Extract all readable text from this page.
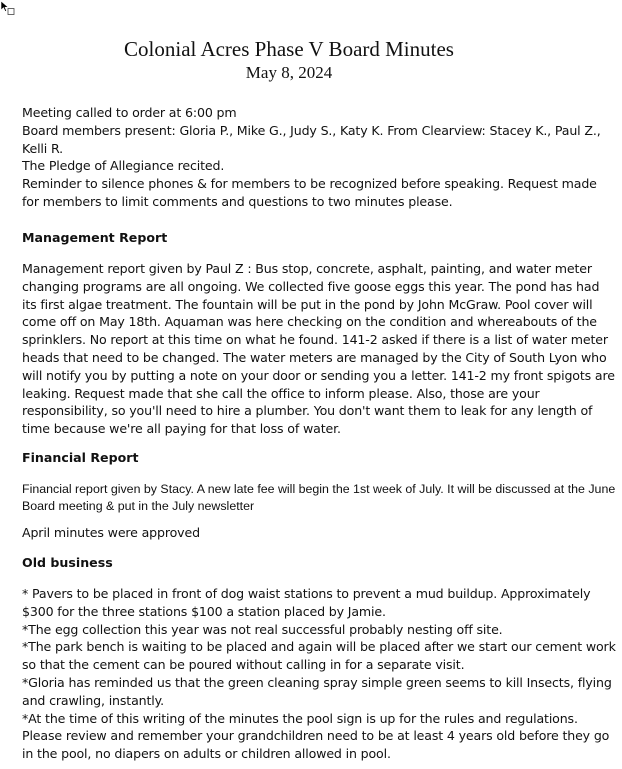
Colonial Acres Phase V Board Minutes
May 8, 2024

Meeting called to order at 6:00 pm

Board members present: Gloria P., Mike G., Judy S., Katy K. From Clearview: Stacey K., Paul Z., Kelli R.

The Pledge of Allegiance recited.

Reminder to silence phones & for members to be recognized before speaking. Request made for members to limit comments and questions to two minutes please.

Management Report

Management report given by Paul Z : Bus stop, concrete, asphalt, painting, and water meter changing programs are all ongoing. We collected five goose eggs this year. The pond has had its first algae treatment. The fountain will be put in the pond by John McGraw. Pool cover will come off on May 18th. Aquaman was here checking on the condition and whereabouts of the sprinklers. No report at this time on what he found. 141-2 asked if there is a list of water meter heads that need to be changed. The water meters are managed by the City of South Lyon who will notify you by putting a note on your door or sending you a letter. 141-2 my front spigots are leaking. Request made that she call the office to inform please. Also, those are your responsibility, so you'll need to hire a plumber. You don't want them to leak for any length of time because we're all paying for that loss of water.

Financial Report
Financial report given by Stacy. A new late fee will begin the 1st week of July. It will be discussed at the June Board meeting & put in the July newsletter
April minutes were approved
Old business

* Pavers to be placed in front of dog waist stations to prevent a mud buildup. Approximately $300 for the three stations $100 a station placed by Jamie.

*The egg collection this year was not real successful probably nesting off site.

*The park bench is waiting to be placed and again will be placed after we start our cement work so that the cement can be poured without calling in for a separate visit.

*Gloria has reminded us that the green cleaning spray simple green seems to kill Insects, flying and crawling, instantly.

*At the time of this writing of the minutes the pool sign is up for the rules and regulations. Please review and remember your grandchildren need to be at least 4 years old before they go in the pool, no diapers on adults or children allowed in pool.
